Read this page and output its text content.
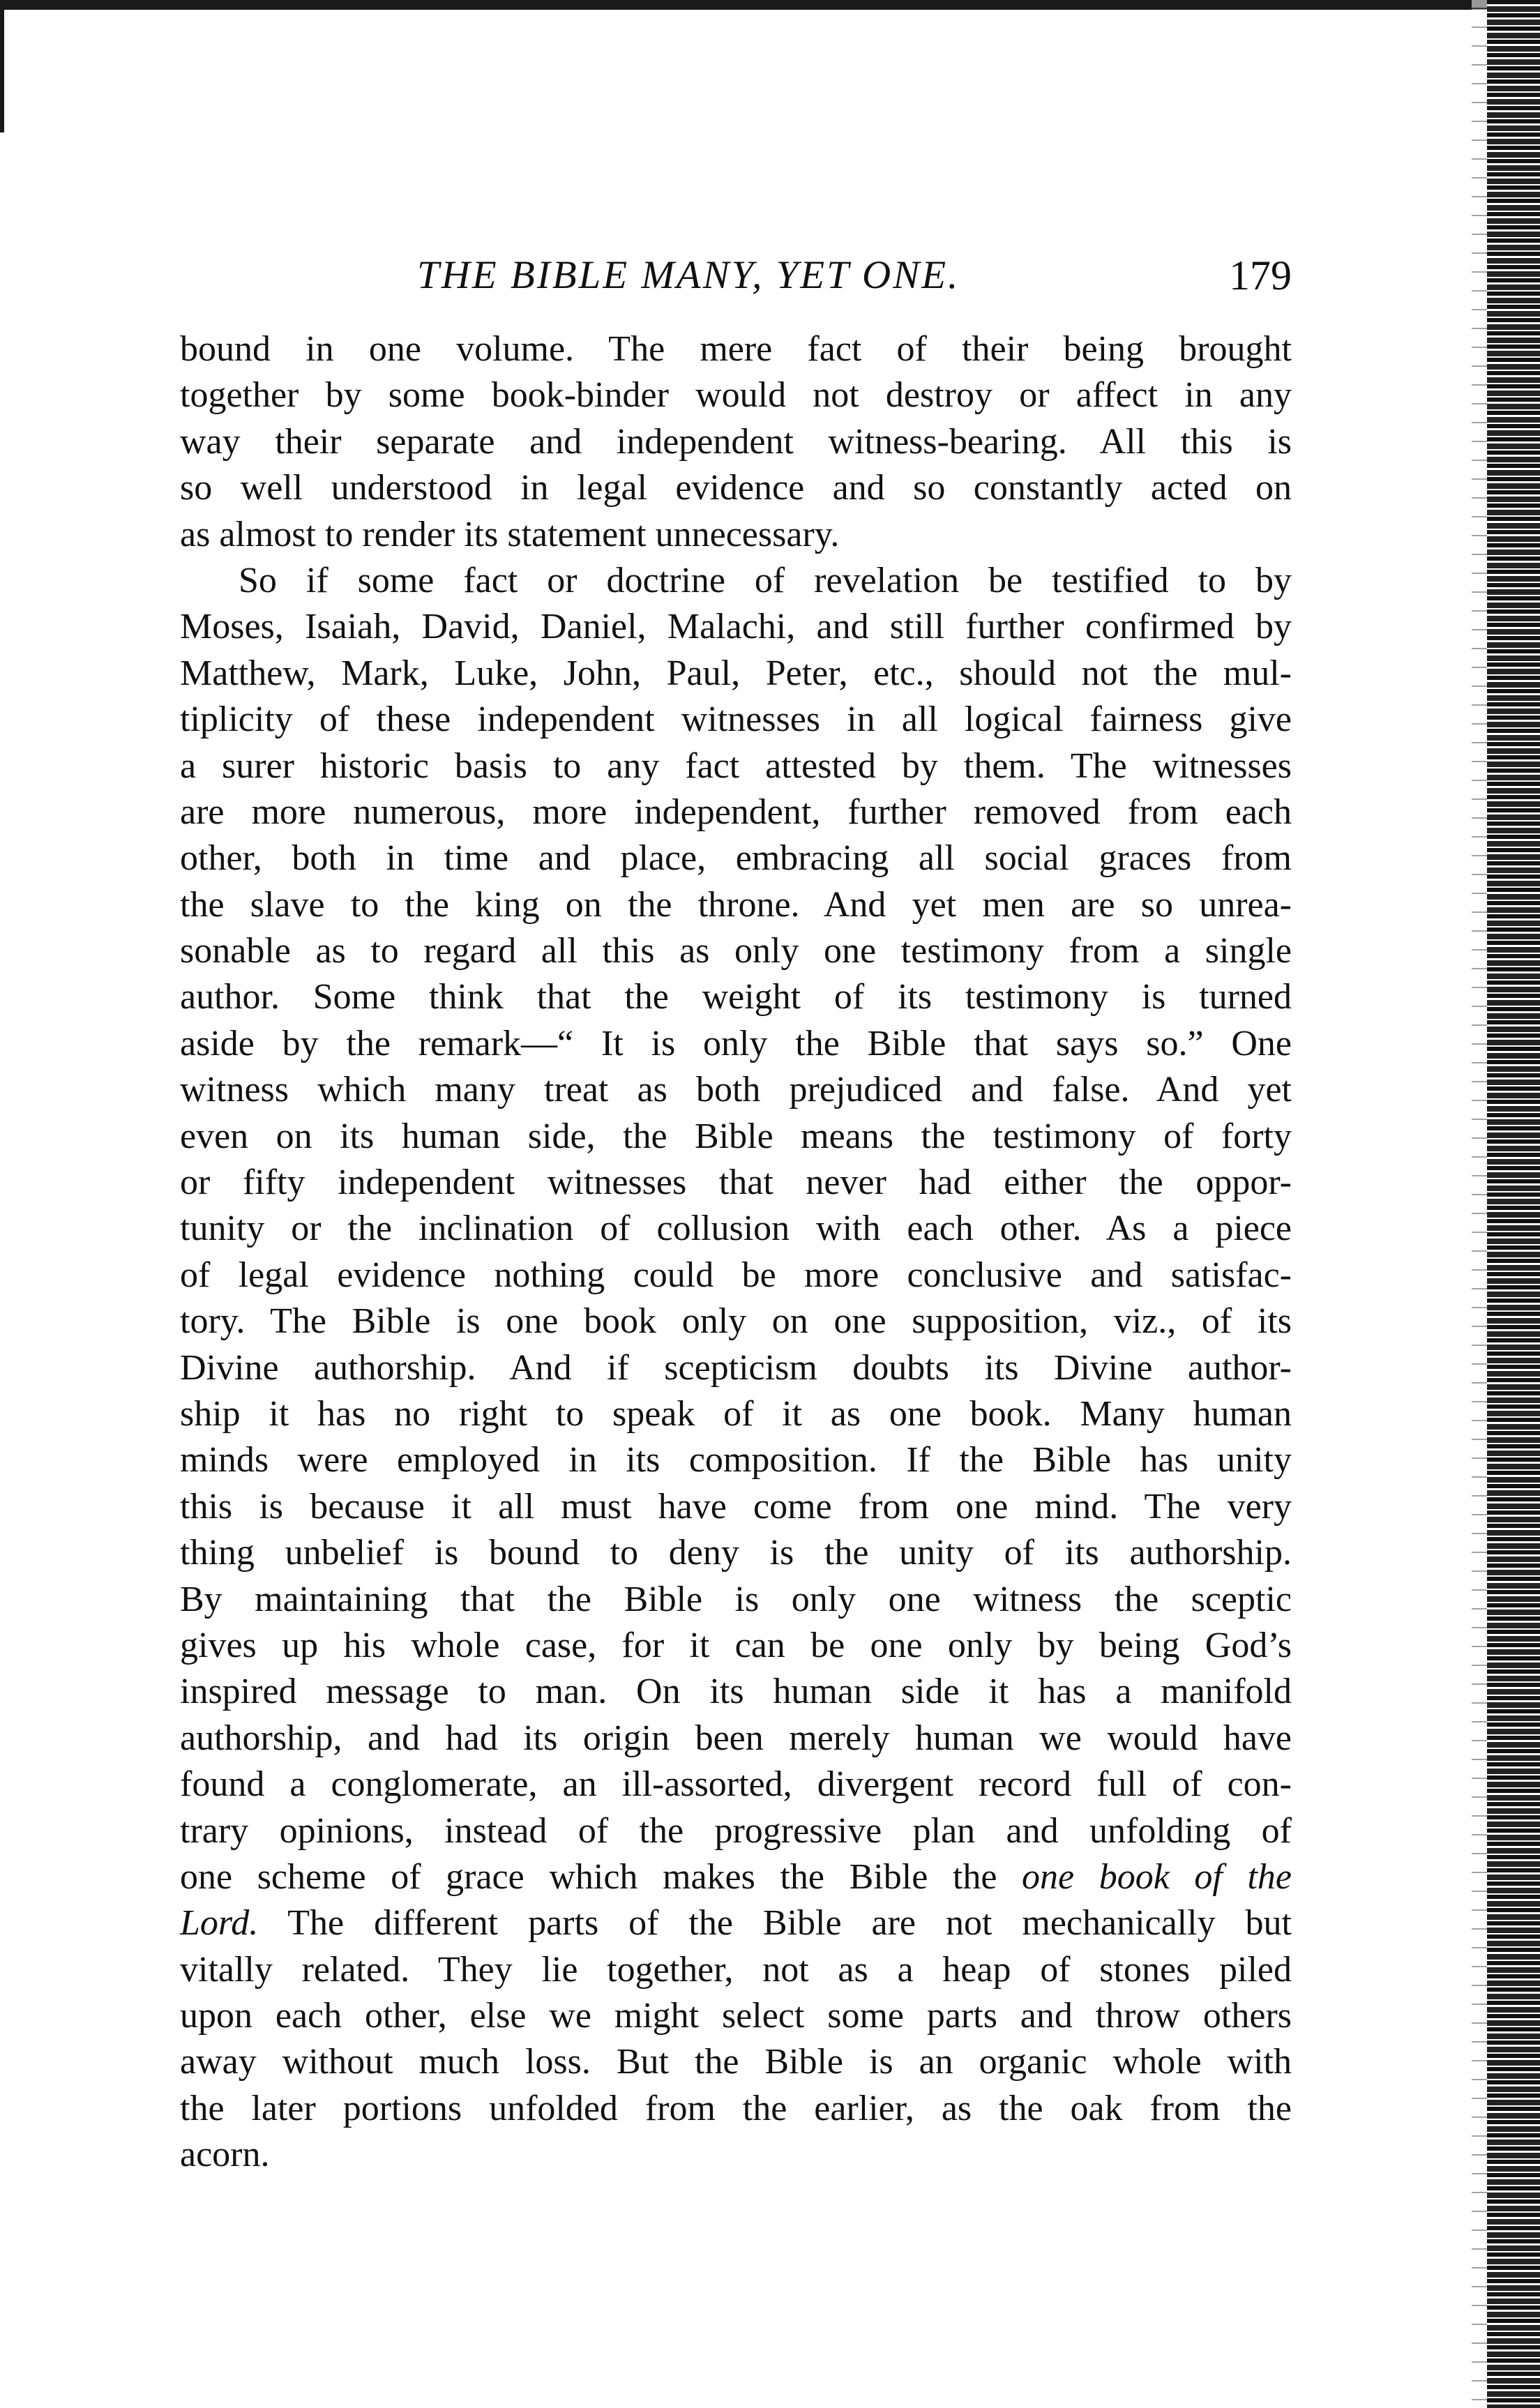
THE BIBLE MANY, YET ONE.	179
bound in one volume. The mere fact of their being brought
together by some book-binder would not destroy or affect in any
way their separate and independent witness-bearing. All this is
so well understood in legal evidence and so constantly acted on
as almost to render its statement unnecessary.
So if some fact or doctrine of revelation be testified to by
Moses, Isaiah, David, Daniel, Malachi, and still further confirmed by
Matthew, Mark, Luke, John, Paul, Peter, etc., should not the mul-
tiplicity of these independent witnesses in all logical fairness give
a surer historic basis to any fact attested by them. The witnesses
are more numerous, more independent, further removed from each
other, both in time and place, embracing all social graces from
the slave to the king on the throne. And yet men are so unrea-
sonable as to regard all this as only one testimony from a single
author. Some think that the weight of its testimony is turned
aside by the remark—“ It is only the Bible that says so.” One
witness which many treat as both prejudiced and false. And yet
even on its human side, the Bible means the testimony of forty
or fifty independent witnesses that never had either the oppor-
tunity or the inclination of collusion with each other. As a piece
of legal evidence nothing could be more conclusive and satisfac-
tory. The Bible is one book only on one supposition, viz., of its
Divine authorship. And if scepticism doubts its Divine author-
ship it has no right to speak of it as one book. Many human
minds were employed in its composition. If the Bible has unity
this is because it all must have come from one mind. The very
thing unbelief is bound to deny is the unity of its authorship.
By maintaining that the Bible is only one witness the sceptic
gives up his whole case, for it can be one only by being God’s
inspired message to man. On its human side it has a manifold
authorship, and had its origin been merely human we would have
found a conglomerate, an ill-assorted, divergent record full of con-
trary opinions, instead of the progressive plan and unfolding of
one scheme of grace which makes the Bible the one book of the
Lord. The different parts of the Bible are not mechanically but
vitally related. They lie together, not as a heap of stones piled
upon each other, else we might select some parts and throw others
away without much loss. But the Bible is an organic whole with
the later portions unfolded from the earlier, as the oak from the
acorn.
